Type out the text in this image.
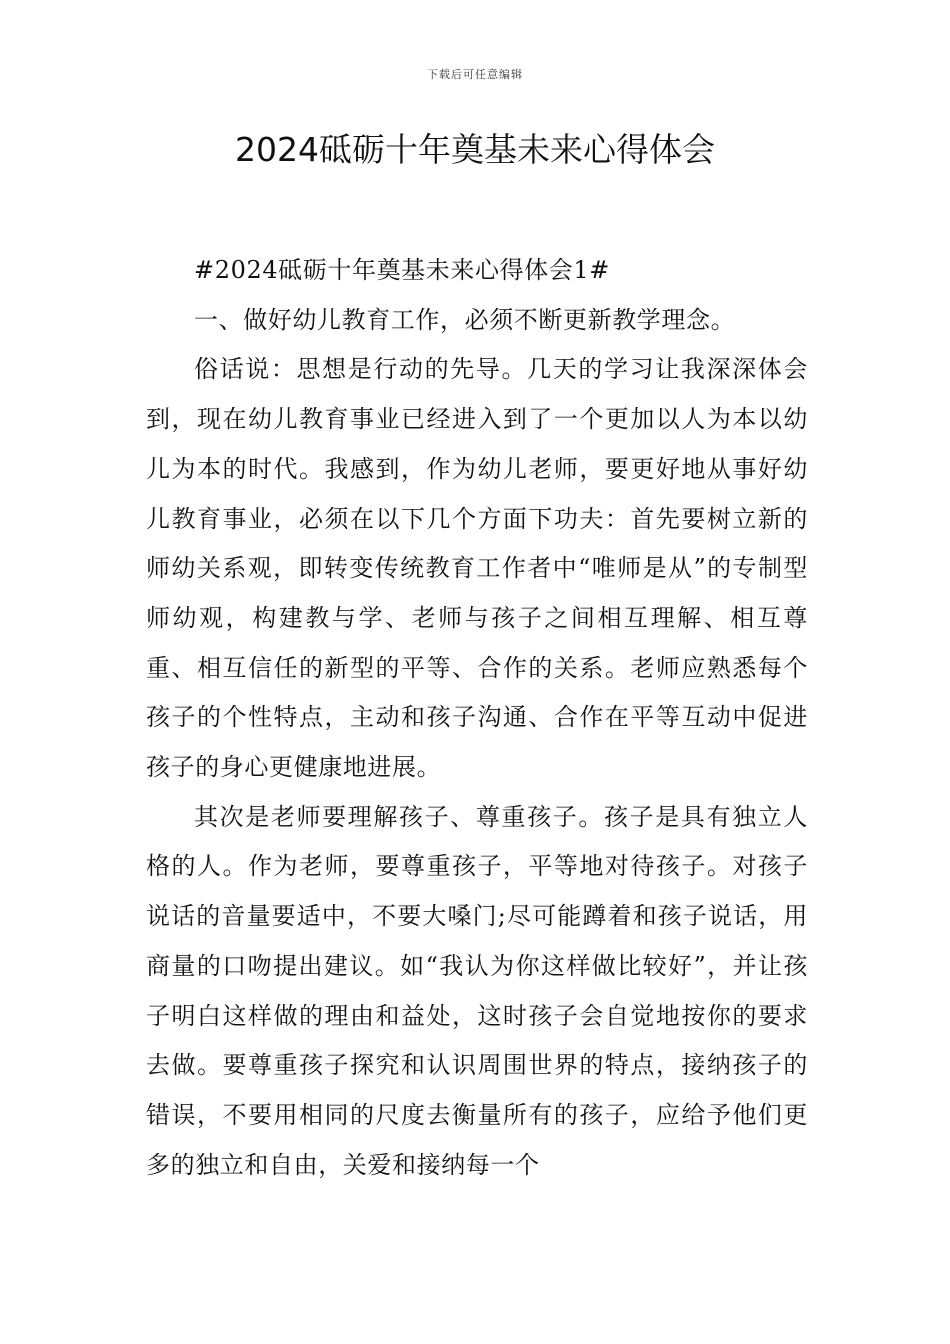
下载后可任意编辑
2024砥砺十年奠基未来心得体会

#2024砥砺十年奠基未来心得体会1#

一、做好幼儿教育工作，必须不断更新教学理念。

俗话说：思想是行动的先导。几天的学习让我深深体会到，现在幼儿教育事业已经进入到了一个更加以人为本以幼儿为本的时代。我感到，作为幼儿老师，要更好地从事好幼儿教育事业，必须在以下几个方面下功夫：首先要树立新的师幼关系观，即转变传统教育工作者中“唯师是从”的专制型师幼观，构建教与学、老师与孩子之间相互理解、相互尊重、相互信任的新型的平等、合作的关系。老师应熟悉每个孩子的个性特点，主动和孩子沟通、合作在平等互动中促进孩子的身心更健康地进展。

其次是老师要理解孩子、尊重孩子。孩子是具有独立人格的人。作为老师，要尊重孩子，平等地对待孩子。对孩子说话的音量要适中，不要大嗓门;尽可能蹲着和孩子说话，用商量的口吻提出建议。如“我认为你这样做比较好”，并让孩子明白这样做的理由和益处，这时孩子会自觉地按你的要求去做。要尊重孩子探究和认识周围世界的特点，接纳孩子的错误，不要用相同的尺度去衡量所有的孩子，应给予他们更多的独立和自由，关爱和接纳每一个
